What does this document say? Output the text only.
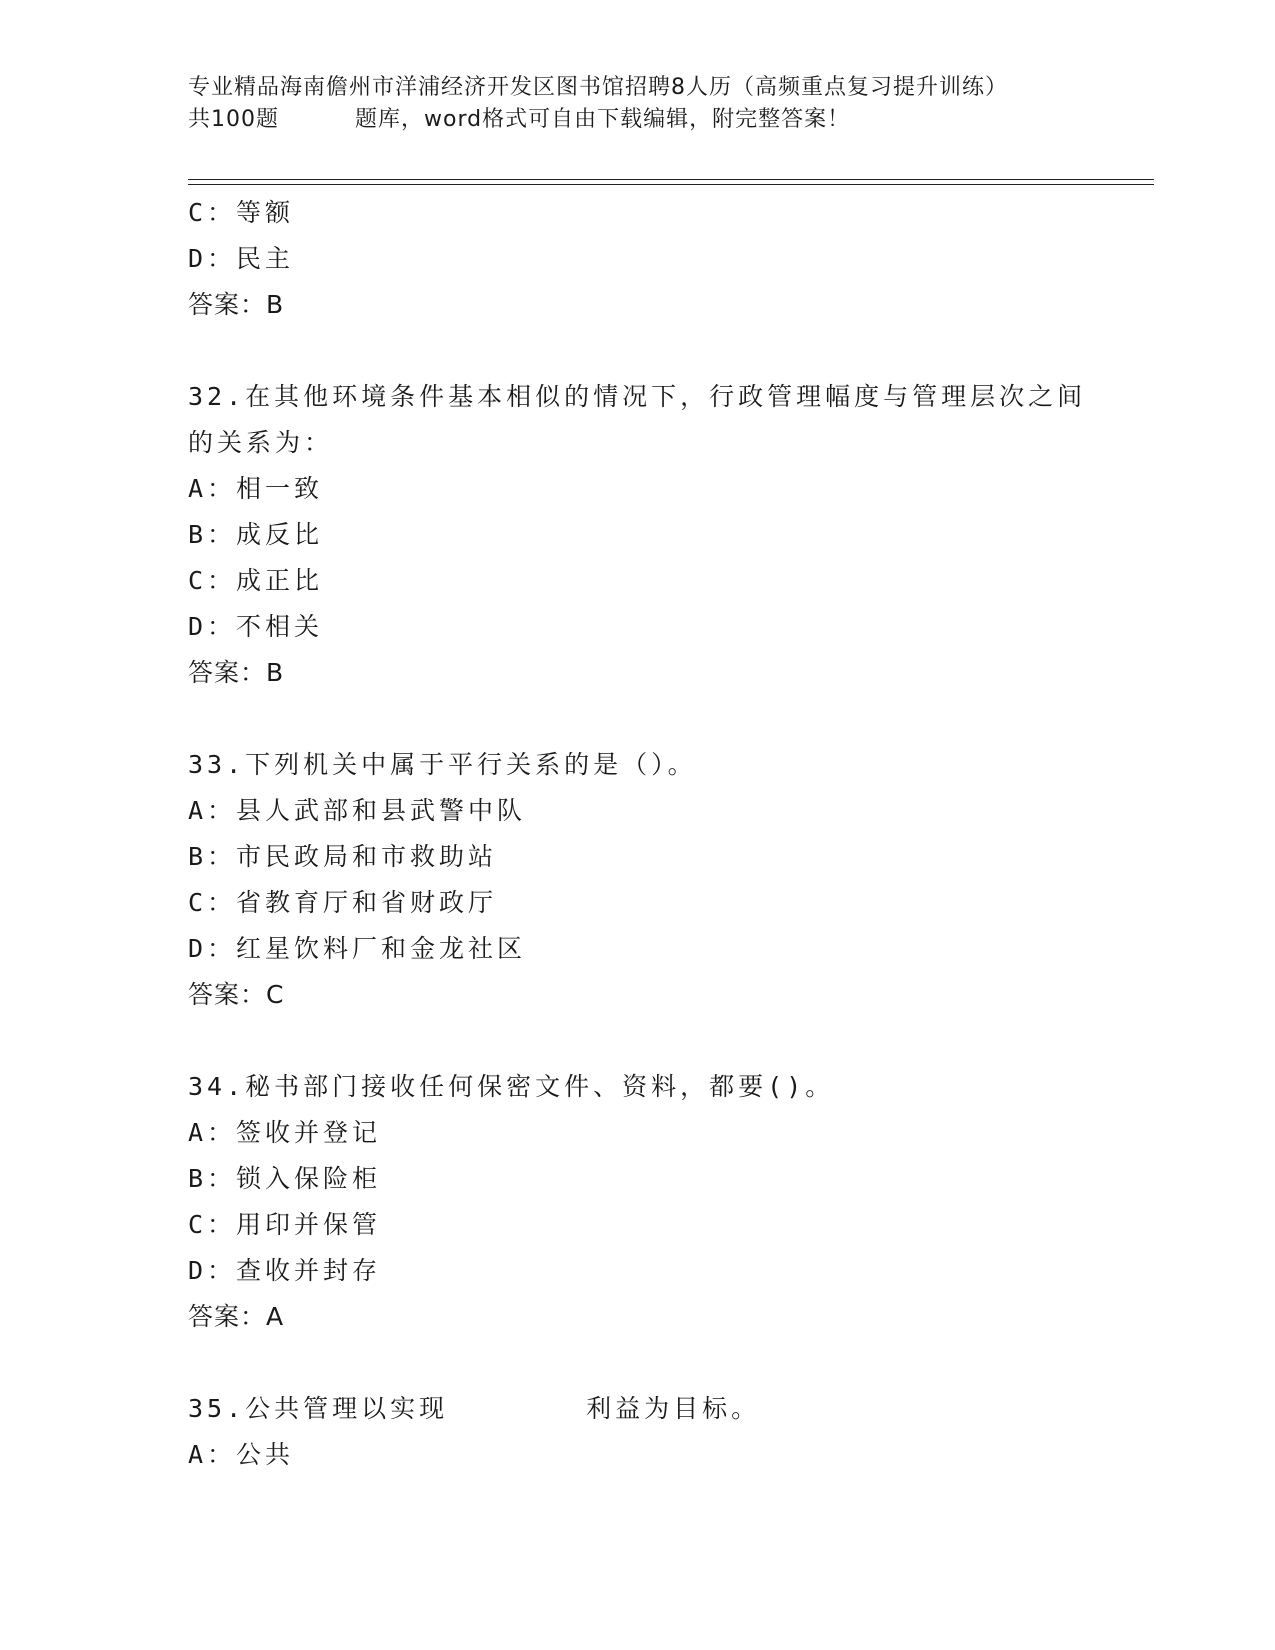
专业精品海南儋州市洋浦经济开发区图书馆招聘8人历（高频重点复习提升训练）
共100题	题库，word格式可自由下载编辑，附完整答案！
C：等额
D：民主
答案：B
32.在其他环境条件基本相似的情况下，行政管理幅度与管理层次之间
的关系为：
A：相一致
B：成反比
C：成正比
D：不相关
答案：B
33.下列机关中属于平行关系的是（）。
A：县人武部和县武警中队
B：市民政局和市救助站
C：省教育厅和省财政厅
D：红星饮料厂和金龙社区
答案：C
34.秘书部门接收任何保密文件、资料，都要()。
A：签收并登记
B：锁入保险柜
C：用印并保管
D：查收并封存
答案：A
35.公共管理以实现	利益为目标。
A：公共
